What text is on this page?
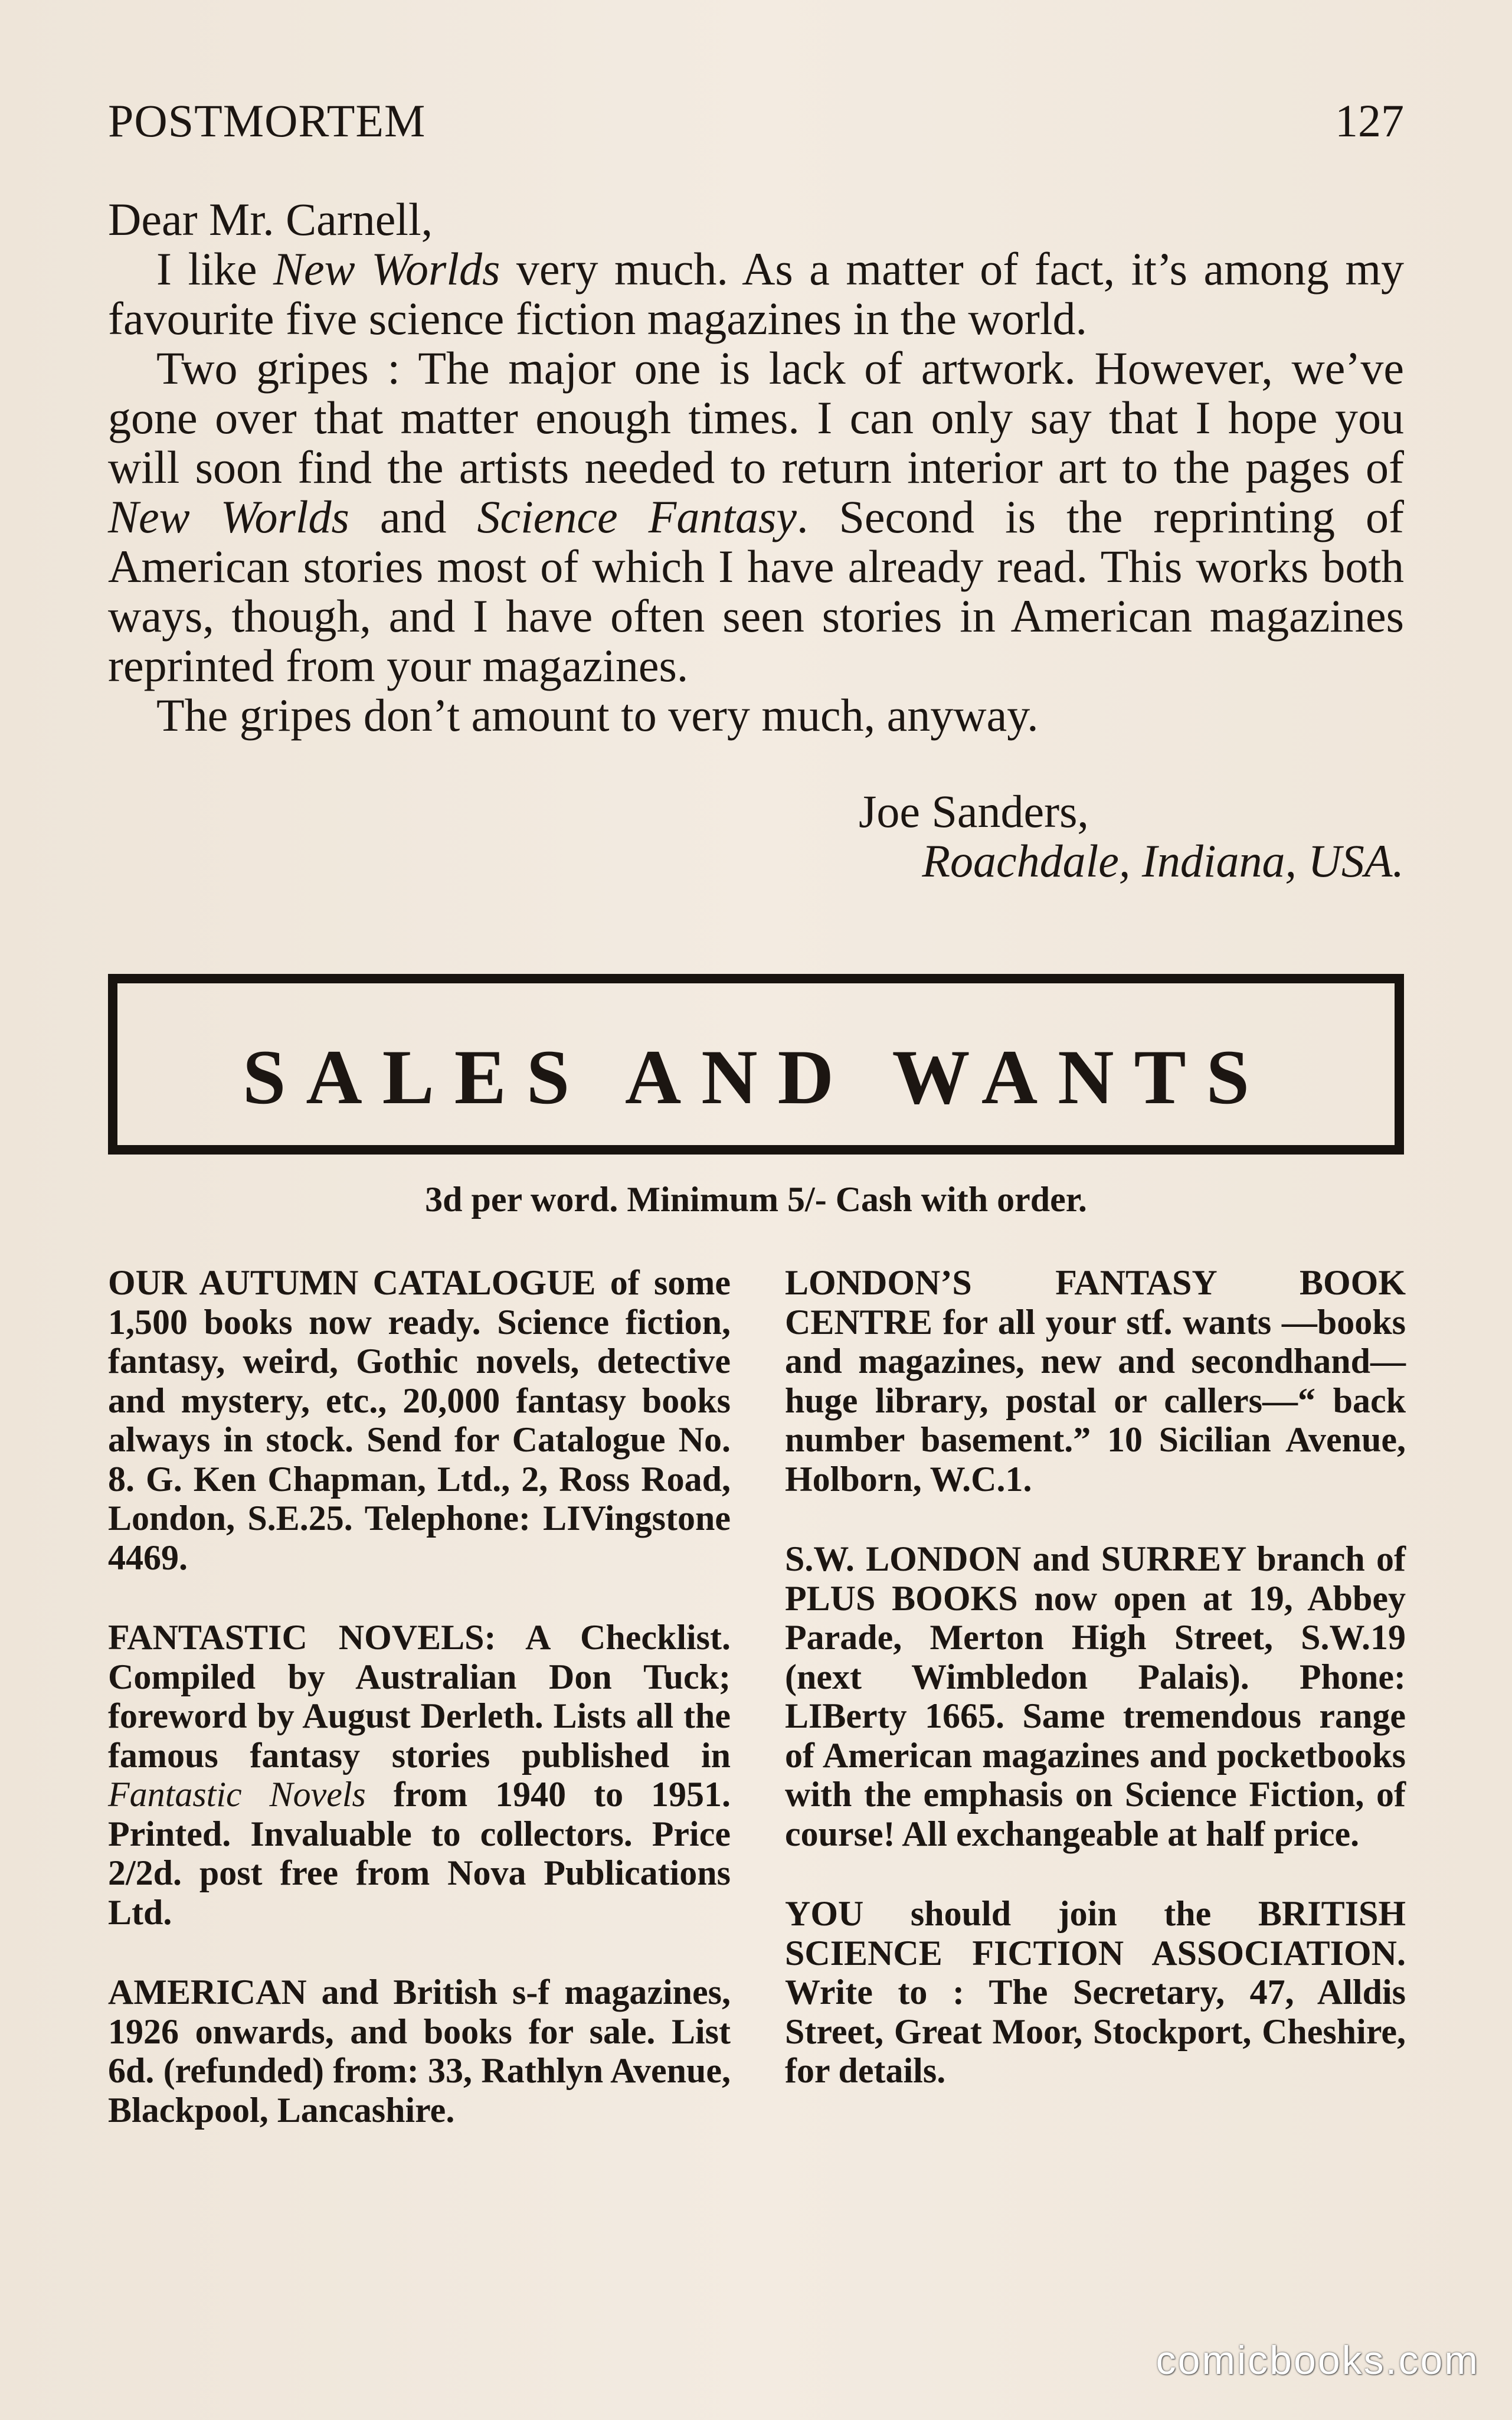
POSTMORTEM	127

Dear Mr. Carnell,

I like New Worlds very much. As a matter of fact, it’s among my favourite five science fiction magazines in the world.

Two gripes : The major one is lack of artwork. However, we’ve gone over that matter enough times. I can only say that I hope you will soon find the artists needed to return interior art to the pages of New Worlds and Science Fantasy. Second is the reprinting of American stories most of which I have already read. This works both ways, though, and I have often seen stories in American magazines reprinted from your magazines.

The gripes don’t amount to very much, anyway.

Joe Sanders,
Roachdale, Indiana, USA.
SALES AND WANTS
3d per word. Minimum 5/- Cash with order.

OUR AUTUMN CATALOGUE of some 1,500 books now ready. Science fiction, fantasy, weird, Gothic novels, detective and mystery, etc., 20,000 fantasy books always in stock. Send for Catalogue No. 8. G. Ken Chapman, Ltd., 2, Ross Road, London, S.E.25. Telephone: LIVingstone 4469.

FANTASTIC NOVELS: A Checklist. Compiled by Australian Don Tuck; foreword by August Derleth. Lists all the famous fantasy stories published in Fantastic Novels from 1940 to 1951. Printed. Invaluable to collectors. Price 2/2d. post free from Nova Publications Ltd.

AMERICAN and British s-f magazines, 1926 onwards, and books for sale. List 6d. (refunded) from: 33, Rathlyn Avenue, Blackpool, Lancashire.

LONDON’S FANTASY BOOK CENTRE for all your stf. wants —books and magazines, new and secondhand—huge library, postal or callers—“ back number basement.” 10 Sicilian Avenue, Holborn, W.C.1.

S.W. LONDON and SURREY branch of PLUS BOOKS now open at 19, Abbey Parade, Merton High Street, S.W.19 (next Wimbledon Palais). Phone: LIBerty 1665. Same tremendous range of American magazines and pocketbooks with the emphasis on Science Fiction, of course! All exchangeable at half price.

YOU should join the BRITISH SCIENCE FICTION ASSOCIATION. Write to : The Secretary, 47, Alldis Street, Great Moor, Stockport, Cheshire, for details.

comicbooks.com
